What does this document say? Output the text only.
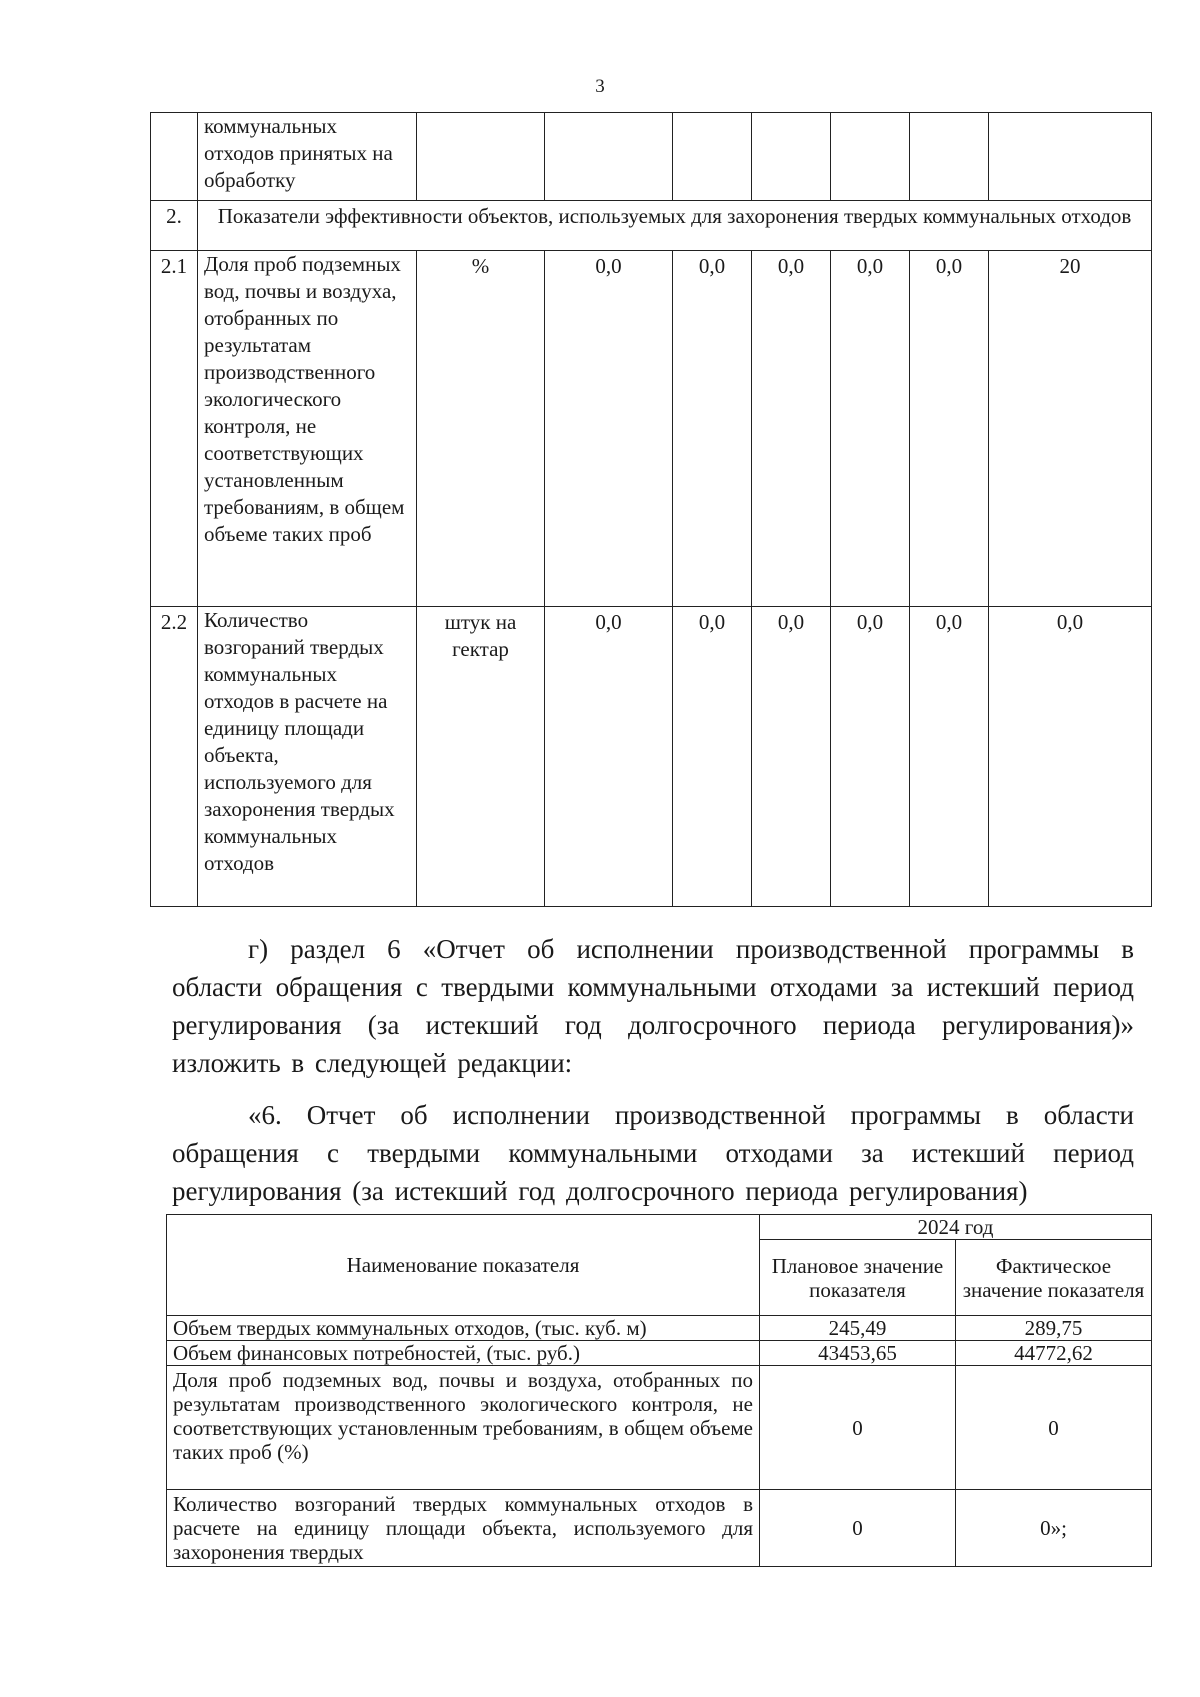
3
	коммунальных отходов принятых на обработку							
2.	Показатели эффективности объектов, используемых для захоронения твердых коммунальных отходов							
2.1	Доля проб подземных вод, почвы и воздуха, отобранных по результатам производственного экологического контроля, не соответствующих установленным требованиям, в общем объеме таких проб	%	0,0	0,0	0,0	0,0	0,0	20
2.2	Количество возгораний твердых коммунальных отходов в расчете на единицу площади объекта, используемого для захоронения твердых коммунальных отходов	штук на гектар	0,0	0,0	0,0	0,0	0,0	0,0
г) раздел 6 «Отчет об исполнении производственной программы в области обращения с твердыми коммунальными отходами за истекший период регулирования (за истекший год долгосрочного периода регулирования)» изложить в следующей редакции:
«6. Отчет об исполнении производственной программы в области обращения с твердыми коммунальными отходами за истекший период регулирования (за истекший год долгосрочного периода регулирования)
Наименование показателя	2024 год	
	Плановое значение показателя	Фактическое значение показателя
Объем твердых коммунальных отходов, (тыс. куб. м)	245,49	289,75
Объем финансовых потребностей, (тыс. руб.)	43453,65	44772,62
Доля проб подземных вод, почвы и воздуха, отобранных по результатам производственного экологического контроля, не соответствующих установленным требованиям, в общем объеме таких проб (%)	0	0
Количество возгораний твердых коммунальных отходов в расчете на единицу площади объекта, используемого для захоронения твердых	0	0»;
